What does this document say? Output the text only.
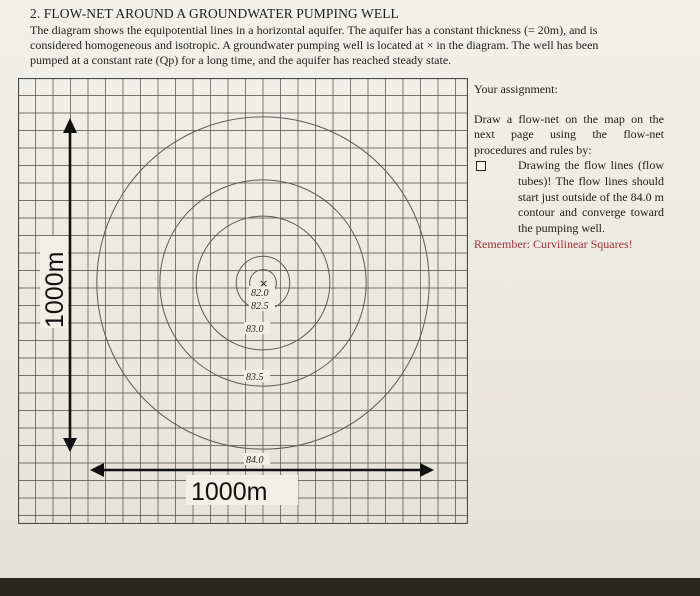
2. FLOW-NET AROUND A GROUNDWATER PUMPING WELL
The diagram shows the equipotential lines in a horizontal aquifer. The aquifer has a constant thickness (= 20m), and is
considered homogeneous and isotropic. A groundwater pumping well is located at × in the diagram. The well has been
pumped at a constant rate (Qp) for a long time, and the aquifer has reached steady state.
1000m
1000m
82.0
82.5
83.0
83.5
84.0
×
Your assignment:
Draw a flow-net on the map on the next page using the flow-net procedures and rules by:
Drawing the flow lines (flow tubes)! The flow lines should start just outside of the 84.0 m contour and converge toward the pumping well.
Remember: Curvilinear Squares!
